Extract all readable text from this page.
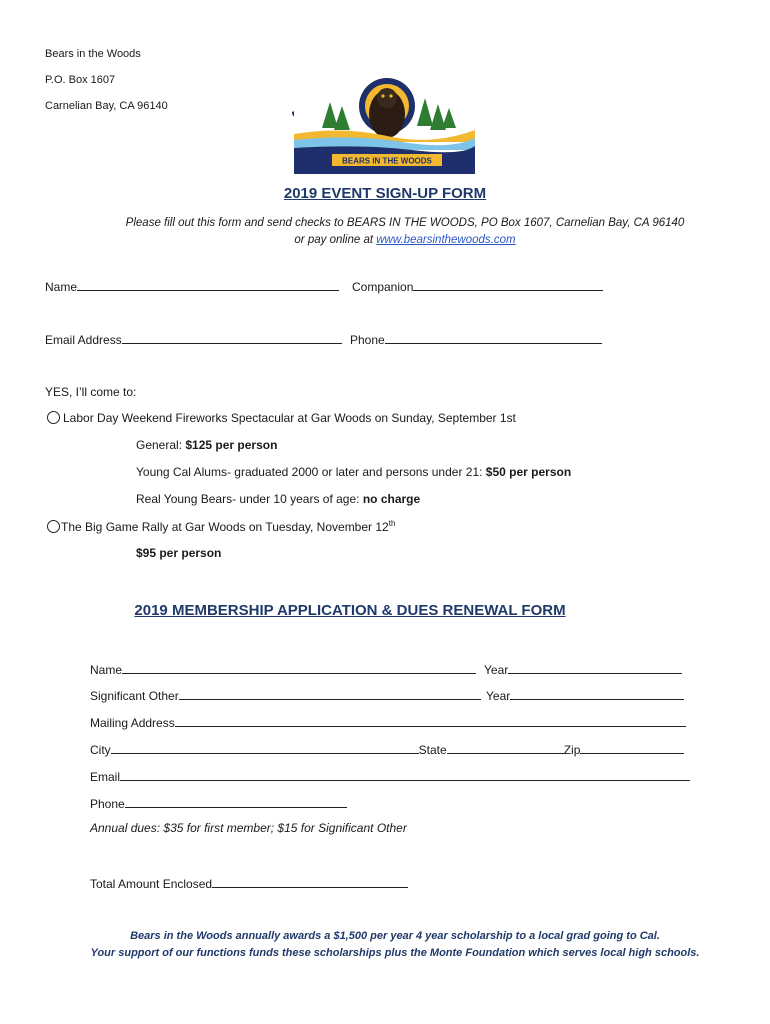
Bears in the Woods
P.O. Box 1607
Carnelian Bay, CA 96140
BEARS IN THE WOODS
2019 EVENT SIGN-UP FORM
Please fill out this form and send checks to BEARS IN THE WOODS, PO Box 1607, Carnelian Bay, CA 96140
or pay online at www.bearsinthewoods.com
Name	Companion
Email Address	Phone
YES, I’ll come to:
Labor Day Weekend Fireworks Spectacular at Gar Woods on Sunday, September 1st
General: $125 per person
Young Cal Alums- graduated 2000 or later and persons under 21: $50 per person
Real Young Bears- under 10 years of age: no charge
The Big Game Rally at Gar Woods on Tuesday, November 12th
$95 per person
2019 MEMBERSHIP APPLICATION & DUES RENEWAL FORM
Name	Year
Significant Other	Year
Mailing Address
City	State	Zip
Email
Phone
Annual dues: $35 for first member; $15 for Significant Other
Total Amount Enclosed
Bears in the Woods annually awards a $1,500 per year 4 year scholarship to a local grad going to Cal.
Your support of our functions funds these scholarships plus the Monte Foundation which serves local high schools.
